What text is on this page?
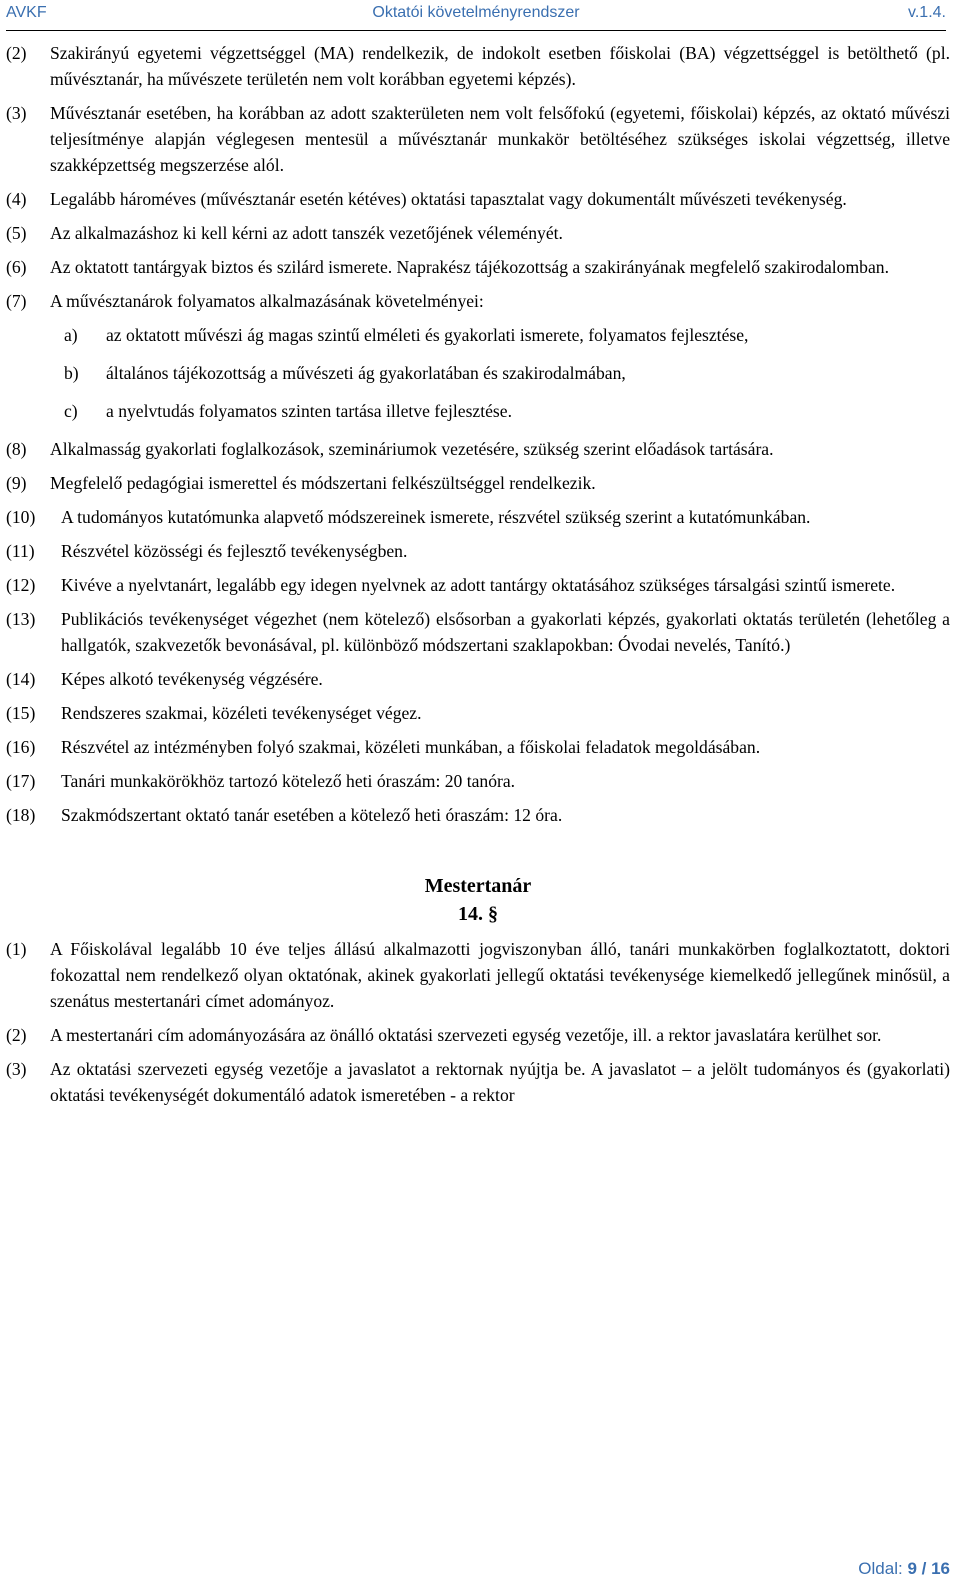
AVKF	Oktatói követelményrendszer	v.1.4.
(2)	Szakirányú egyetemi végzettséggel (MA) rendelkezik, de indokolt esetben főiskolai (BA) végzettséggel is betölthető (pl. művésztanár, ha művészete területén nem volt korábban egyetemi képzés).
(3)	Művésztanár esetében, ha korábban az adott szakterületen nem volt felsőfokú (egyetemi, főiskolai) képzés, az oktató művészi teljesítménye alapján véglegesen mentesül a művésztanár munkakör betöltéséhez szükséges iskolai végzettség, illetve szakképzettség megszerzése alól.
(4)	Legalább hároméves (művésztanár esetén kétéves) oktatási tapasztalat vagy dokumentált művészeti tevékenység.
(5)	Az alkalmazáshoz ki kell kérni az adott tanszék vezetőjének véleményét.
(6)	Az oktatott tantárgyak biztos és szilárd ismerete. Naprakész tájékozottság a szakirányának megfelelő szakirodalomban.
(7)	A művésztanárok folyamatos alkalmazásának követelményei:
a)	az oktatott művészi ág magas szintű elméleti és gyakorlati ismerete, folyamatos fejlesztése,
b)	általános tájékozottság a művészeti ág gyakorlatában és szakirodalmában,
c)	a nyelvtudás folyamatos szinten tartása illetve fejlesztése.
(8)	Alkalmasság gyakorlati foglalkozások, szemináriumok vezetésére, szükség szerint előadások tartására.
(9)	Megfelelő pedagógiai ismerettel és módszertani felkészültséggel rendelkezik.
(10)	A tudományos kutatómunka alapvető módszereinek ismerete, részvétel szükség szerint a kutatómunkában.
(11)	Részvétel közösségi és fejlesztő tevékenységben.
(12)	Kivéve a nyelvtanárt, legalább egy idegen nyelvnek az adott tantárgy oktatásához szükséges társalgási szintű ismerete.
(13)	Publikációs tevékenységet végezhet (nem kötelező) elsősorban a gyakorlati képzés, gyakorlati oktatás területén (lehetőleg a hallgatók, szakvezetők bevonásával, pl. különböző módszertani szaklapokban: Óvodai nevelés, Tanító.)
(14)	Képes alkotó tevékenység végzésére.
(15)	Rendszeres szakmai, közéleti tevékenységet végez.
(16)	Részvétel az intézményben folyó szakmai, közéleti munkában, a főiskolai feladatok megoldásában.
(17)	Tanári munkakörökhöz tartozó kötelező heti óraszám: 20 tanóra.
(18)	Szakmódszertant oktató tanár esetében a kötelező heti óraszám: 12 óra.
Mestertanár
14. §
(1)	A Főiskolával legalább 10 éve teljes állású alkalmazotti jogviszonyban álló, tanári munkakörben foglalkoztatott, doktori fokozattal nem rendelkező olyan oktatónak, akinek gyakorlati jellegű oktatási tevékenysége kiemelkedő jellegűnek minősül, a szenátus mestertanári címet adományoz.
(2)	A mestertanári cím adományozására az önálló oktatási szervezeti egység vezetője, ill. a rektor javaslatára kerülhet sor.
(3)	Az oktatási szervezeti egység vezetője a javaslatot a rektornak nyújtja be. A javaslatot – a jelölt tudományos és (gyakorlati) oktatási tevékenységét dokumentáló adatok ismeretében - a rektor
Oldal: 9 / 16
